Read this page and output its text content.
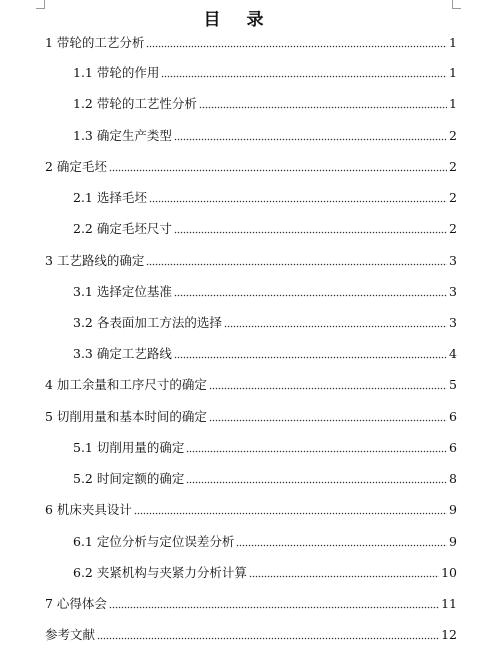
目 录
1 带轮的工艺分析	1
1.1 带轮的作用	1
1.2 带轮的工艺性分析	1
1.3 确定生产类型	2
2 确定毛坯	2
2.1 选择毛坯	2
2.2 确定毛坯尺寸	2
3 工艺路线的确定	3
3.1 选择定位基准	3
3.2 各表面加工方法的选择	3
3.3 确定工艺路线	4
4 加工余量和工序尺寸的确定	5
5 切削用量和基本时间的确定	6
5.1 切削用量的确定	6
5.2 时间定额的确定	8
6 机床夹具设计	9
6.1 定位分析与定位误差分析	9
6.2 夹紧机构与夹紧力分析计算	10
7 心得体会	11
参考文献	12
